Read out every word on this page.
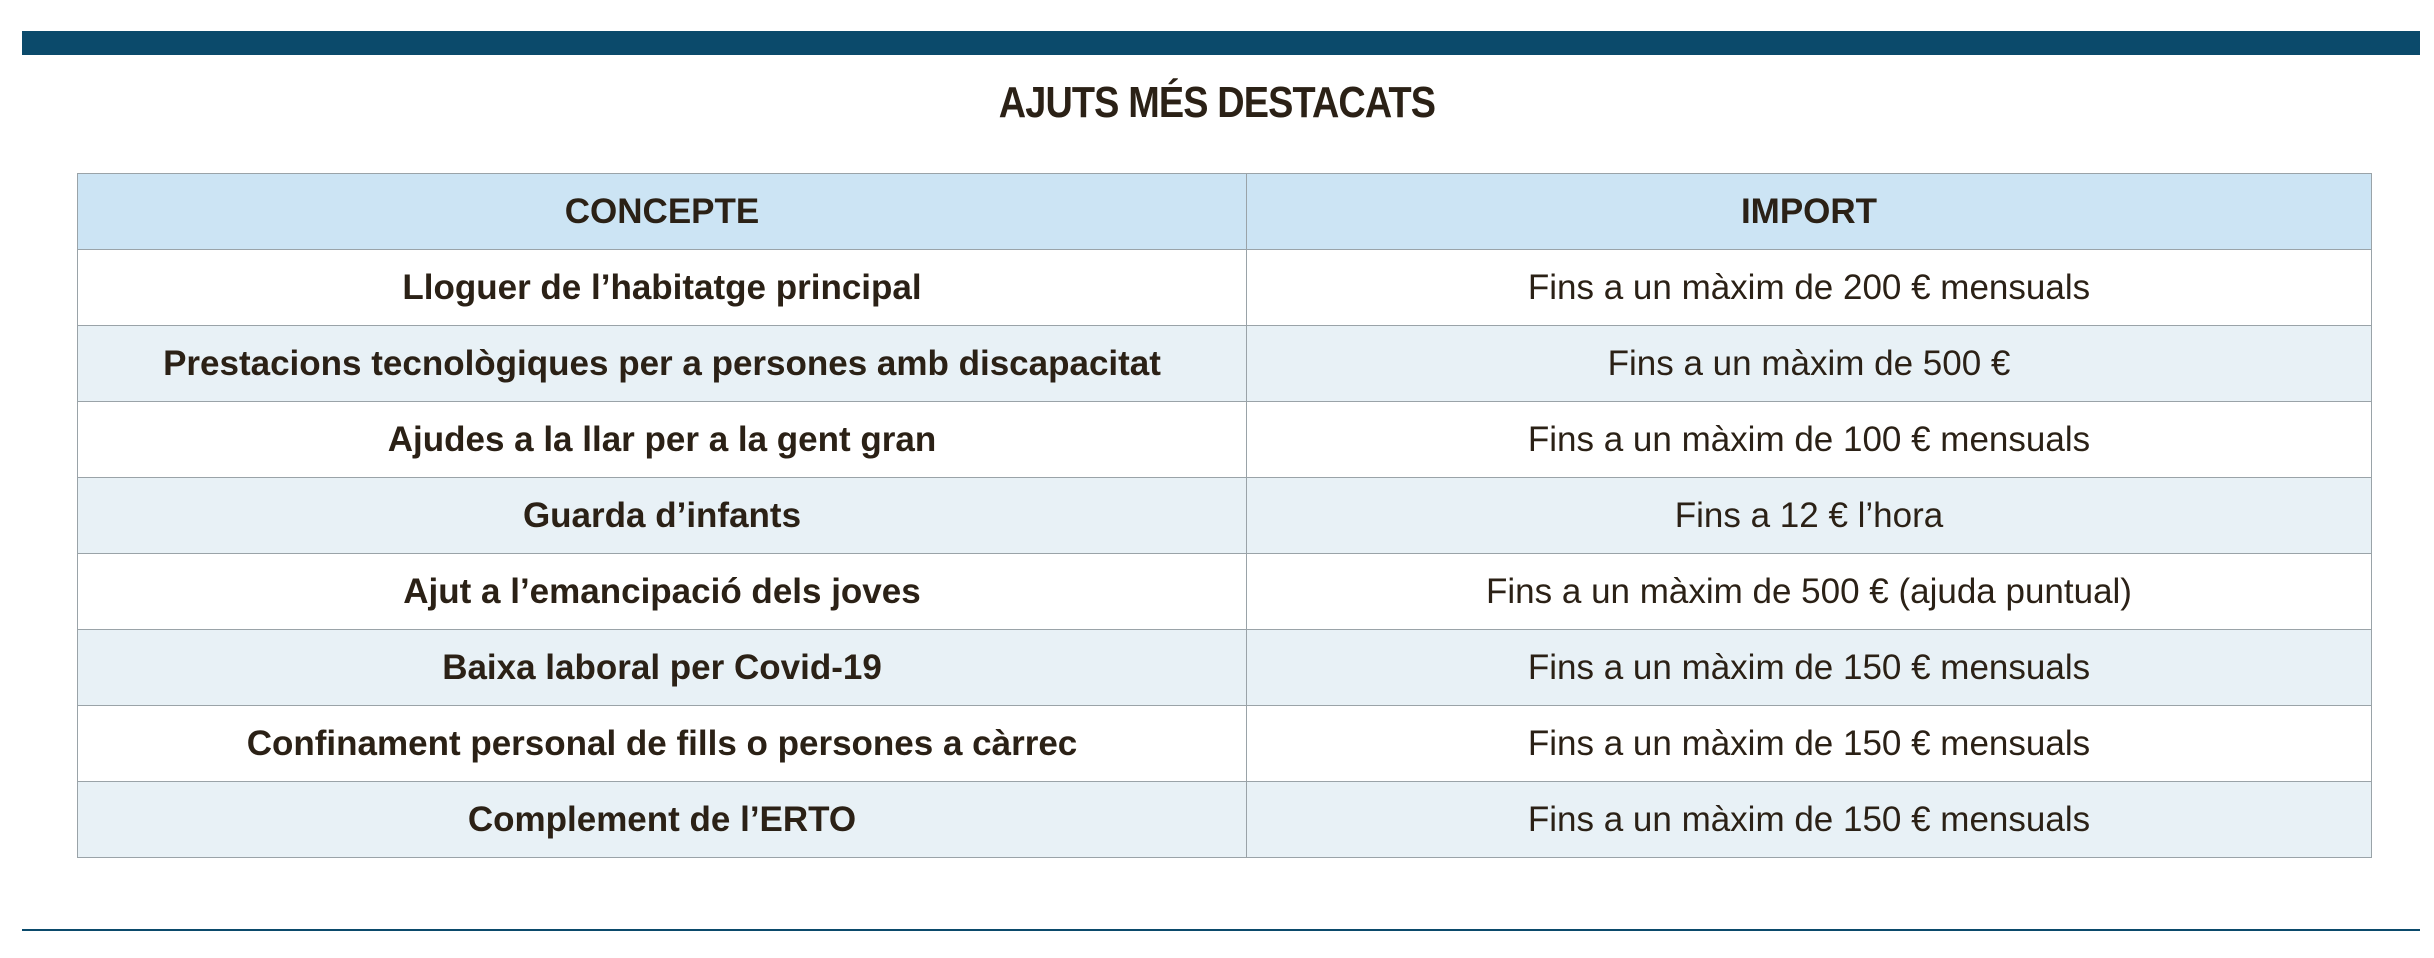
AJUTS MÉS DESTACATS
CONCEPTE	IMPORT
Lloguer de l’habitatge principal	Fins a un màxim de 200 € mensuals
Prestacions tecnològiques per a persones amb discapacitat	Fins a un màxim de 500 €
Ajudes a la llar per a la gent gran	Fins a un màxim de 100 € mensuals
Guarda d’infants	Fins a 12 € l’hora
Ajut a l’emancipació dels joves	Fins a un màxim de 500 € (ajuda puntual)
Baixa laboral per Covid-19	Fins a un màxim de 150 € mensuals
Confinament personal de fills o persones a càrrec	Fins a un màxim de 150 € mensuals
Complement de l’ERTO	Fins a un màxim de 150 € mensuals
